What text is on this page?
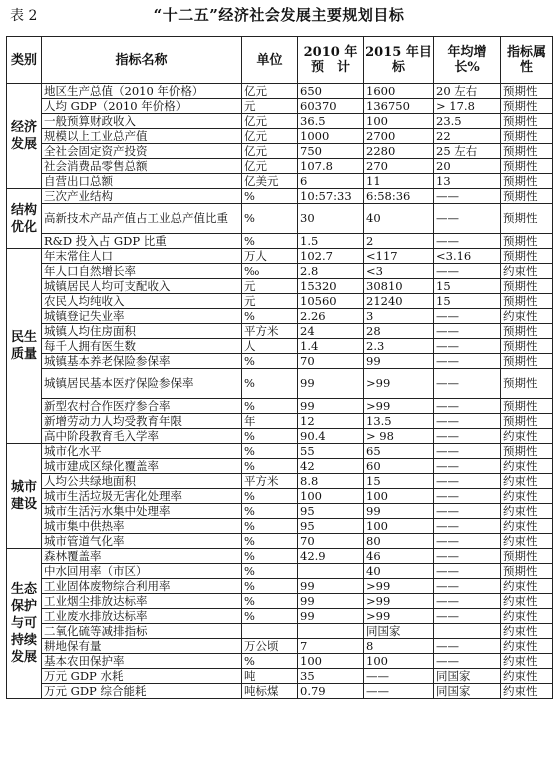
表 2	“十二五”经济社会发展主要规划目标
类别	指标名称	单位	2010 年预　计	2015 年目　标	年均增长%	指标属性
经济发展	地区生产总值（2010 年价格）	亿元	650	1600	20 左右	预期性
	人均 GDP（2010 年价格）	元	60370	136750	> 17.8	预期性
	一般预算财政收入	亿元	36.5	100	23.5	预期性
	规模以上工业总产值	亿元	1000	2700	22	预期性
	全社会固定资产投资	亿元	750	2280	25 左右	预期性
	社会消费品零售总额	亿元	107.8	270	20	预期性
	自营出口总额	亿美元	6	11	13	预期性
结构优化	三次产业结构	%	10:57:33	6:58:36	——	预期性
	高新技术产品产值占工业总产值比重	%	30	40	——	预期性
	R&D 投入占 GDP 比重	%	1.5	2	——	预期性
民生质量	年末常住人口	万人	102.7	<117	<3.16	预期性
	年人口自然增长率	‰	2.8	<3	——	约束性
	城镇居民人均可支配收入	元	15320	30810	15	预期性
	农民人均纯收入	元	10560	21240	15	预期性
	城镇登记失业率	%	2.26	3	——	约束性
	城镇人均住房面积	平方米	24	28	——	预期性
	每千人拥有医生数	人	1.4	2.3	——	预期性
	城镇基本养老保险参保率	%	70	99	——	预期性
	城镇居民基本医疗保险参保率	%	99	>99	——	预期性
	新型农村合作医疗参合率	%	99	>99	——	预期性
	新增劳动力人均受教育年限	年	12	13.5	——	预期性
	高中阶段教育毛入学率	%	90.4	> 98	——	约束性
城市建设	城市化水平	%	55	65	——	预期性
	城市建成区绿化覆盖率	%	42	60	——	约束性
	人均公共绿地面积	平方米	8.8	15	——	约束性
	城市生活垃圾无害化处理率	%	100	100	——	约束性
	城市生活污水集中处理率	%	95	99	——	约束性
	城市集中供热率	%	95	100	——	约束性
	城市管道气化率	%	70	80	——	约束性
生态保护与可持续发展	森林覆盖率	%	42.9	46	——	预期性
	中水回用率（市区）	%		40	——	预期性
	工业固体废物综合利用率	%	99	>99	——	约束性
	工业烟尘排放达标率	%	99	>99	——	约束性
	工业废水排放达标率	%	99	>99	——	约束性
	二氧化硫等减排指标			同国家		约束性
	耕地保有量	万公顷	7	8	——	约束性
	基本农田保护率	%	100	100	——	约束性
	万元 GDP 水耗	吨	35	——	同国家	约束性
	万元 GDP 综合能耗	吨标煤	0.79	——	同国家	约束性
